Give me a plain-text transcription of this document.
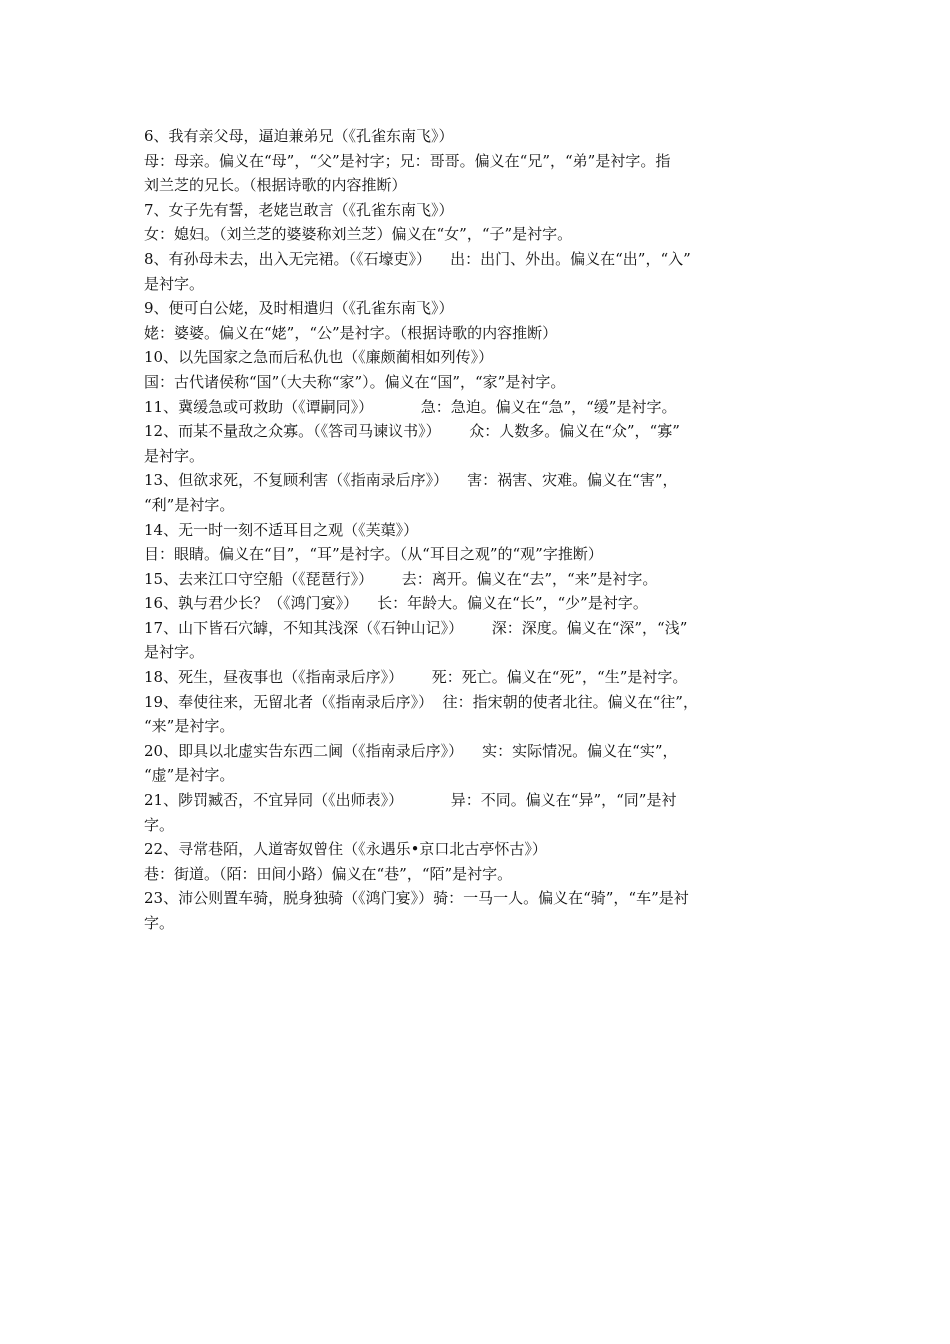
6、我有亲父母，逼迫兼弟兄（《孔雀东南飞》）
母：母亲。偏义在“母”，“父”是衬字；兄：哥哥。偏义在“兄”，“弟”是衬字。指
刘兰芝的兄长。（根据诗歌的内容推断）
7、女子先有誓，老姥岂敢言（《孔雀东南飞》）
女：媳妇。（刘兰芝的婆婆称刘兰芝）偏义在“女”，“子”是衬字。
8、有孙母未去，出入无完裙。（《石壕吏》）    出：出门、外出。偏义在“出”，“入”
是衬字。
9、便可白公姥，及时相遣归（《孔雀东南飞》）
姥：婆婆。偏义在“姥”，“公”是衬字。（根据诗歌的内容推断）
10、以先国家之急而后私仇也（《廉颇蔺相如列传》）
国：古代诸侯称“国”（大夫称“家”）。偏义在“国”，“家”是衬字。
11、冀缓急或可救助（《谭嗣同》）          急：急迫。偏义在“急”，“缓”是衬字。
12、而某不量敌之众寡。（《答司马谏议书》）      众：人数多。偏义在“众”，“寡”
是衬字。
13、但欲求死，不复顾利害（《指南录后序》）    害：祸害、灾难。偏义在“害”，
“利”是衬字。
14、无一时一刻不适耳目之观（《芙蕖》）
目：眼睛。偏义在“目”，“耳”是衬字。（从“耳目之观”的“观”字推断）
15、去来江口守空船（《琵琶行》）      去：离开。偏义在“去”，“来”是衬字。
16、孰与君少长？（《鸿门宴》）    长：年龄大。偏义在“长”，“少”是衬字。
17、山下皆石穴罅，不知其浅深（《石钟山记》）      深：深度。偏义在“深”，“浅”
是衬字。
18、死生，昼夜事也（《指南录后序》）      死：死亡。偏义在“死”，“生”是衬字。
19、奉使往来，无留北者（《指南录后序》）  往：指宋朝的使者北往。偏义在“往”，
“来”是衬字。
20、即具以北虚实告东西二阃（《指南录后序》）    实：实际情况。偏义在“实”，
“虚”是衬字。
21、陟罚臧否，不宜异同（《出师表》）          异：不同。偏义在“异”，“同”是衬
字。
22、寻常巷陌，人道寄奴曾住（《永遇乐•京口北古亭怀古》）
巷：街道。（陌：田间小路）偏义在“巷”，“陌”是衬字。
23、沛公则置车骑，脱身独骑（《鸿门宴》）骑：一马一人。偏义在“骑”，“车”是衬
字。
